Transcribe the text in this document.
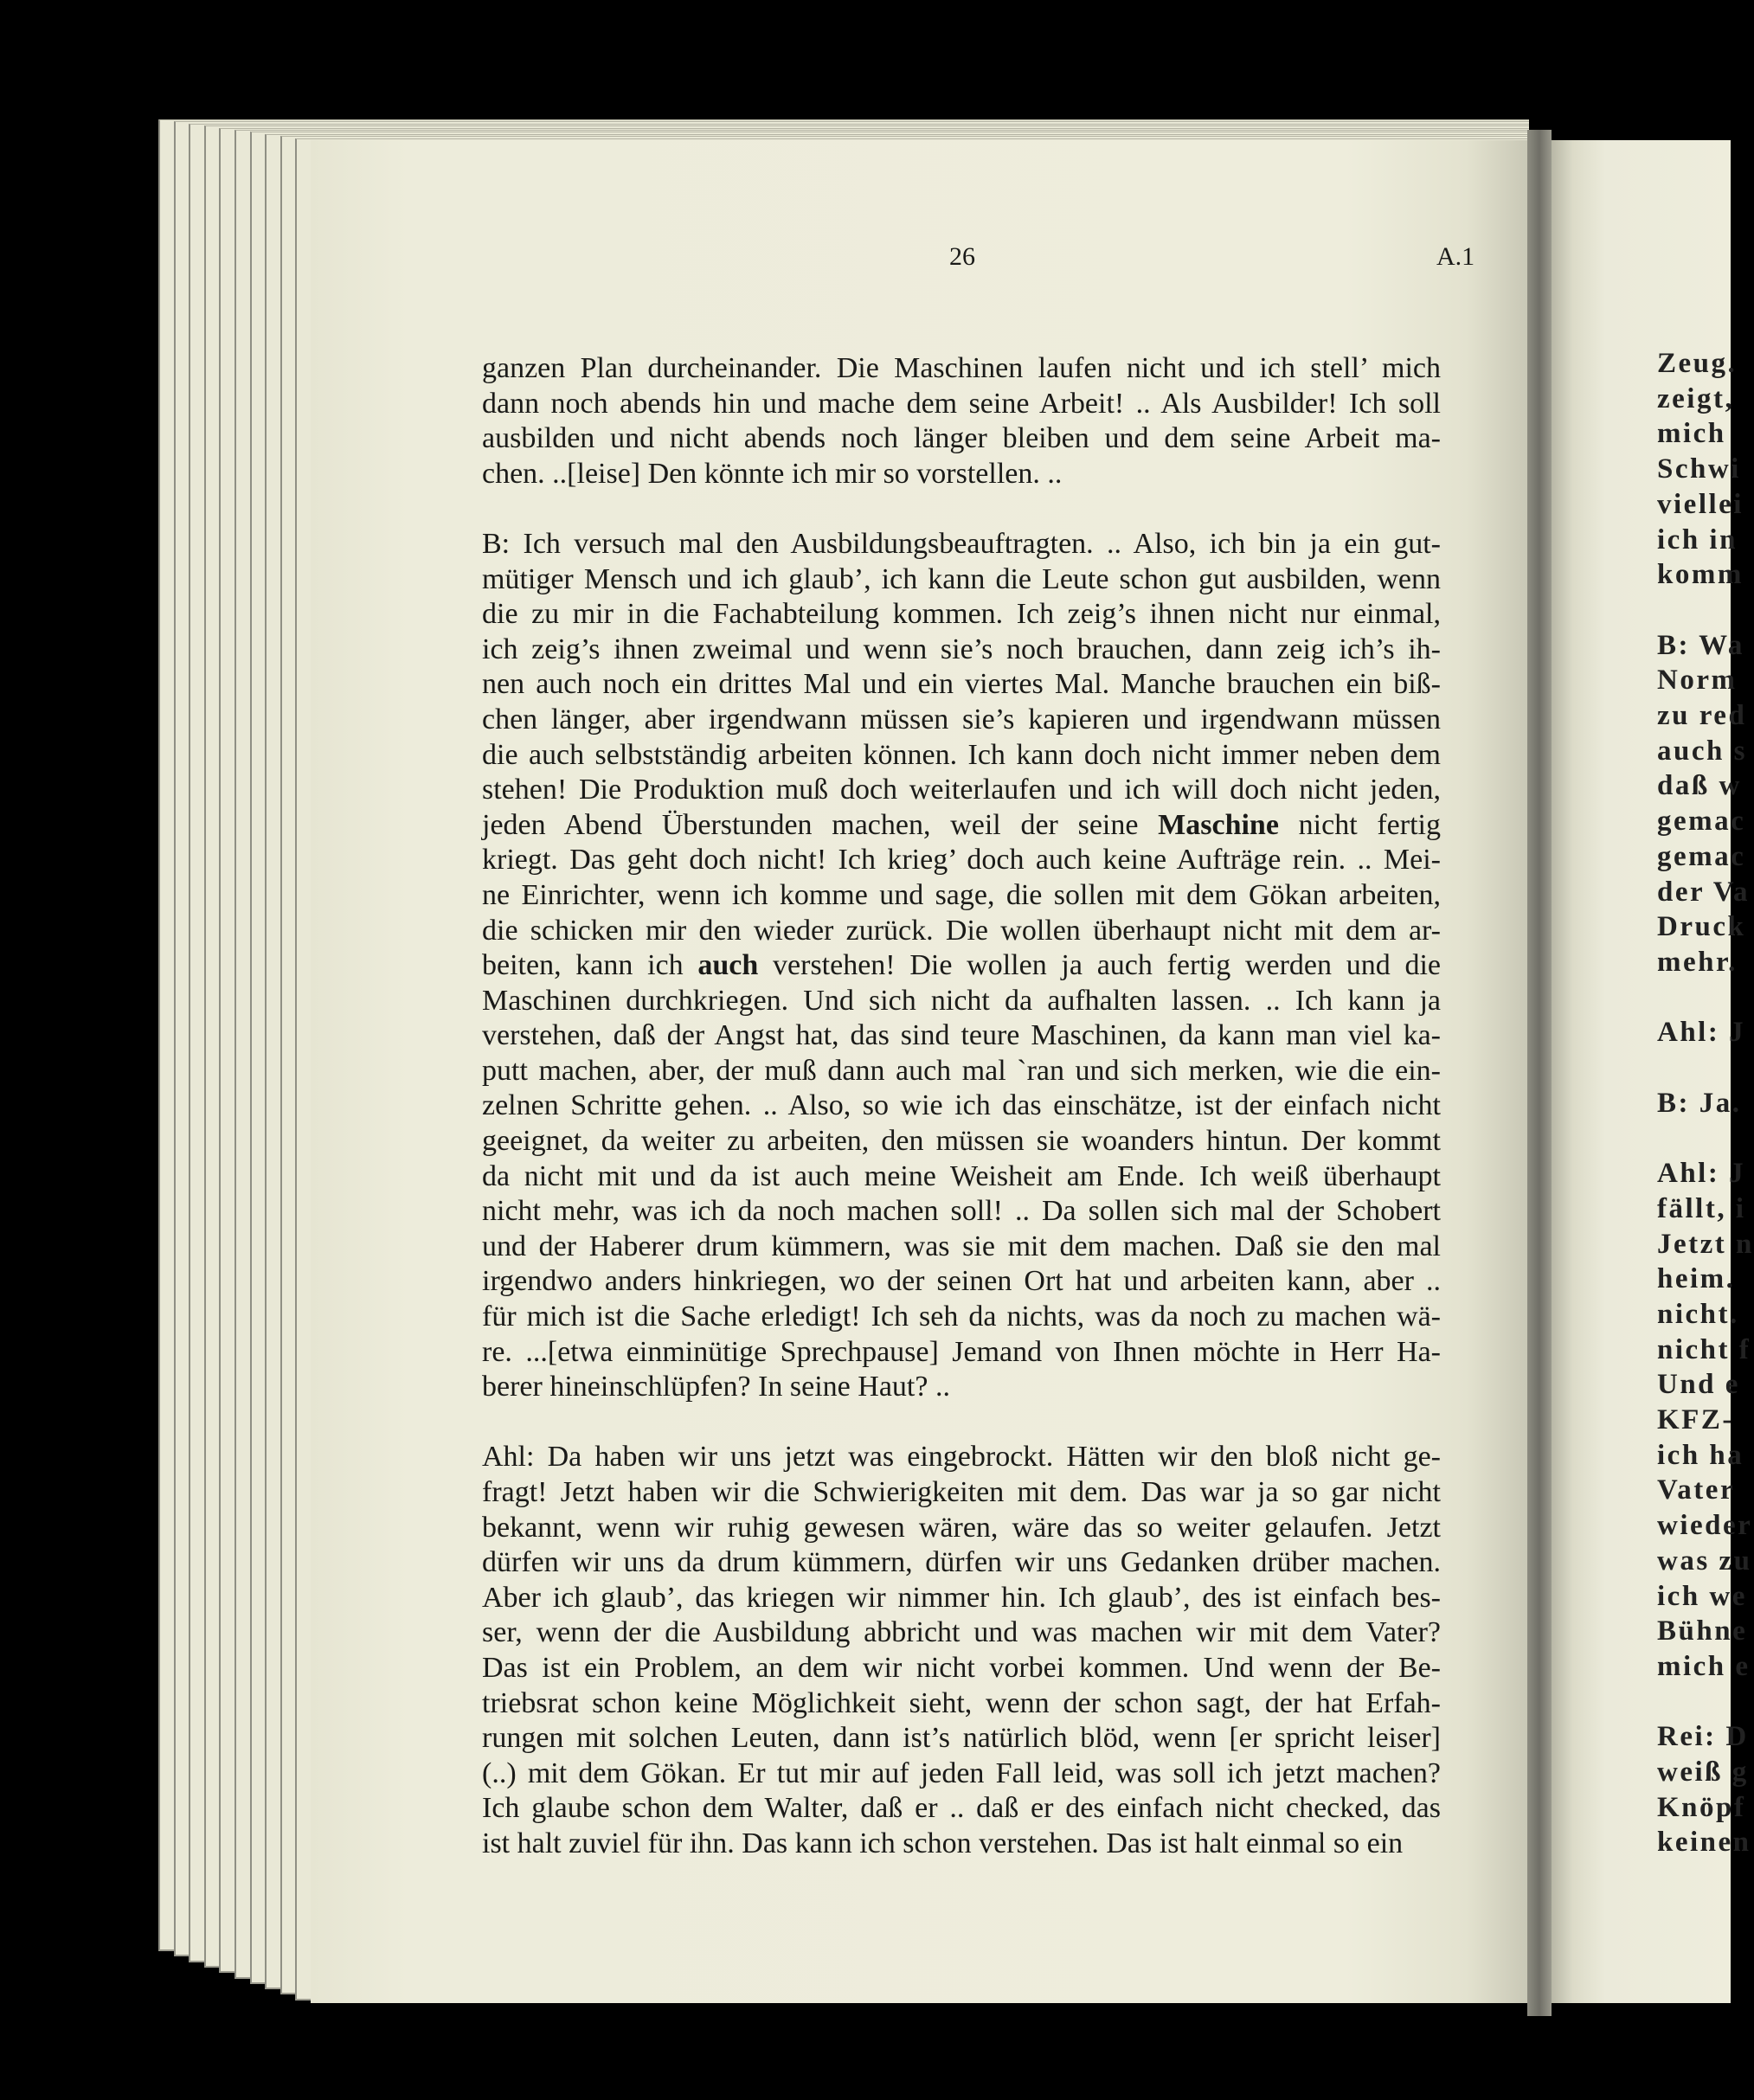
Zeug.
zeigt,
mich
Schwi
viellei
ich in
komm
B: Wa
Norm
zu red
auch s
daß w
gemac
gemac
der Va
Druck
mehr.
Ahl: J
B: Ja.
Ahl: J
fällt, i
Jetzt n
heim.
nicht.
nicht f
Und e
KFZ-
ich ha
Vater
wieder
was zu
ich we
Bühne
mich e
Rei: D
weiß g
Knöpf
keinen
26	A.1
ganzen Plan durcheinander. Die Maschinen laufen nicht und ich stell’ mich
dann noch abends hin und mache dem seine Arbeit! .. Als Ausbilder! Ich soll
ausbilden und nicht abends noch länger bleiben und dem seine Arbeit ma-
chen. ..[leise] Den könnte ich mir so vorstellen. ..
B: Ich versuch mal den Ausbildungsbeauftragten. .. Also, ich bin ja ein gut-
mütiger Mensch und ich glaub’, ich kann die Leute schon gut ausbilden, wenn
die zu mir in die Fachabteilung kommen. Ich zeig’s ihnen nicht nur einmal,
ich zeig’s ihnen zweimal und wenn sie’s noch brauchen, dann zeig ich’s ih-
nen auch noch ein drittes Mal und ein viertes Mal. Manche brauchen ein biß-
chen länger, aber irgendwann müssen sie’s kapieren und irgendwann müssen
die auch selbstständig arbeiten können. Ich kann doch nicht immer neben dem
stehen! Die Produktion muß doch weiterlaufen und ich will doch nicht jeden,
jeden Abend Überstunden machen, weil der seine Maschine nicht fertig
kriegt. Das geht doch nicht! Ich krieg’ doch auch keine Aufträge rein. .. Mei-
ne Einrichter, wenn ich komme und sage, die sollen mit dem Gökan arbeiten,
die schicken mir den wieder zurück. Die wollen überhaupt nicht mit dem ar-
beiten, kann ich auch verstehen! Die wollen ja auch fertig werden und die
Maschinen durchkriegen. Und sich nicht da aufhalten lassen. .. Ich kann ja
verstehen, daß der Angst hat, das sind teure Maschinen, da kann man viel ka-
putt machen, aber, der muß dann auch mal `ran und sich merken, wie die ein-
zelnen Schritte gehen. .. Also, so wie ich das einschätze, ist der einfach nicht
geeignet, da weiter zu arbeiten, den müssen sie woanders hintun. Der kommt
da nicht mit und da ist auch meine Weisheit am Ende. Ich weiß überhaupt
nicht mehr, was ich da noch machen soll! .. Da sollen sich mal der Schobert
und der Haberer drum kümmern, was sie mit dem machen. Daß sie den mal
irgendwo anders hinkriegen, wo der seinen Ort hat und arbeiten kann, aber ..
für mich ist die Sache erledigt! Ich seh da nichts, was da noch zu machen wä-
re. ...[etwa einminütige Sprechpause] Jemand von Ihnen möchte in Herr Ha-
berer hineinschlüpfen? In seine Haut? ..
Ahl: Da haben wir uns jetzt was eingebrockt. Hätten wir den bloß nicht ge-
fragt! Jetzt haben wir die Schwierigkeiten mit dem. Das war ja so gar nicht
bekannt, wenn wir ruhig gewesen wären, wäre das so weiter gelaufen. Jetzt
dürfen wir uns da drum kümmern, dürfen wir uns Gedanken drüber machen.
Aber ich glaub’, das kriegen wir nimmer hin. Ich glaub’, des ist einfach bes-
ser, wenn der die Ausbildung abbricht und was machen wir mit dem Vater?
Das ist ein Problem, an dem wir nicht vorbei kommen. Und wenn der Be-
triebsrat schon keine Möglichkeit sieht, wenn der schon sagt, der hat Erfah-
rungen mit solchen Leuten, dann ist’s natürlich blöd, wenn [er spricht leiser]
(..) mit dem Gökan. Er tut mir auf jeden Fall leid, was soll ich jetzt machen?
Ich glaube schon dem Walter, daß er .. daß er des einfach nicht checked, das
ist halt zuviel für ihn. Das kann ich schon verstehen. Das ist halt einmal so ein
